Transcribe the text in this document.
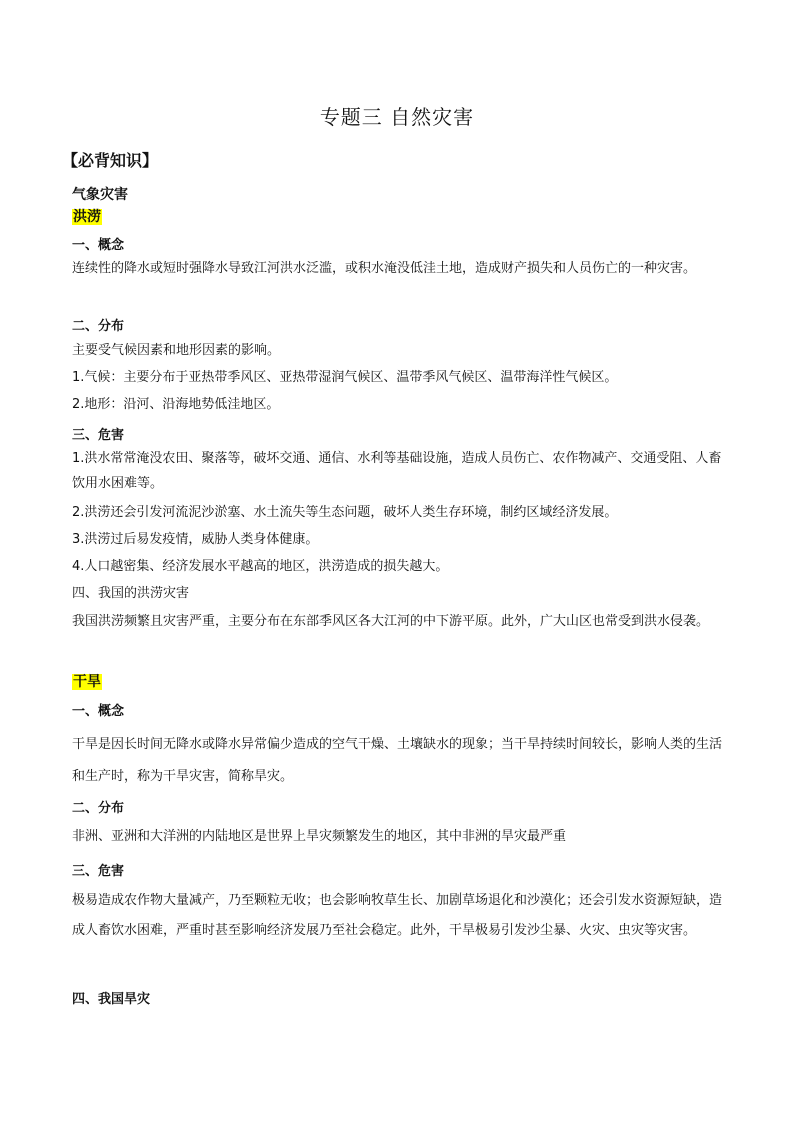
专题三 自然灾害
【必背知识】
气象灾害
洪涝
一、概念
连续性的降水或短时强降水导致江河洪水泛滥，或积水淹没低洼土地，造成财产损失和人员伤亡的一种灾害。
二、分布
主要受气候因素和地形因素的影响。
1.气候：主要分布于亚热带季风区、亚热带湿润气候区、温带季风气候区、温带海洋性气候区。
2.地形：沿河、沿海地势低洼地区。
三、危害
1.洪水常常淹没农田、聚落等，破坏交通、通信、水利等基础设施，造成人员伤亡、农作物减产、交通受阻、人畜饮用水困难等。
2.洪涝还会引发河流泥沙淤塞、水土流失等生态问题，破坏人类生存环境，制约区域经济发展。
3.洪涝过后易发疫情，威胁人类身体健康。
4.人口越密集、经济发展水平越高的地区，洪涝造成的损失越大。
四、我国的洪涝灾害
我国洪涝频繁且灾害严重，主要分布在东部季风区各大江河的中下游平原。此外，广大山区也常受到洪水侵袭。
干旱
一、概念
干旱是因长时间无降水或降水异常偏少造成的空气干燥、土壤缺水的现象；当干旱持续时间较长，影响人类的生活和生产时，称为干旱灾害，简称旱灾。
二、分布
非洲、亚洲和大洋洲的内陆地区是世界上旱灾频繁发生的地区，其中非洲的旱灾最严重
三、危害
极易造成农作物大量减产，乃至颗粒无收；也会影响牧草生长、加剧草场退化和沙漠化；还会引发水资源短缺，造成人畜饮水困难，严重时甚至影响经济发展乃至社会稳定。此外，干旱极易引发沙尘暴、火灾、虫灾等灾害。
四、我国旱灾
